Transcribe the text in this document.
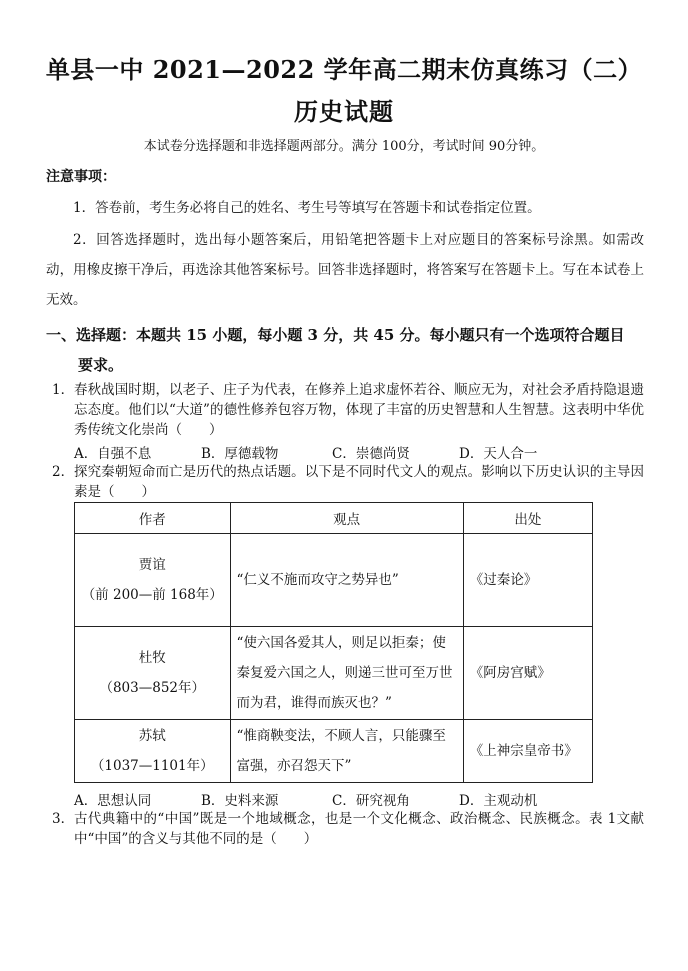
单县一中 2021—2022 学年高二期末仿真练习（二）
历史试题
本试卷分选择题和非选择题两部分。满分 100分，考试时间 90分钟。
注意事项：
1．答卷前，考生务必将自己的姓名、考生号等填写在答题卡和试卷指定位置。
2．回答选择题时，选出每小题答案后，用铅笔把答题卡上对应题目的答案标号涂黑。如需改动，用橡皮擦干净后，再选涂其他答案标号。回答非选择题时，将答案写在答题卡上。写在本试卷上无效。
一、选择题：本题共 15 小题，每小题 3 分，共 45 分。每小题只有一个选项符合题目
要求。
1． 春秋战国时期，以老子、庄子为代表，在修养上追求虚怀若谷、顺应无为，对社会矛盾持隐退遗忘态度。他们以“大道”的德性修养包容万物，体现了丰富的历史智慧和人生智慧。这表明中华优秀传统文化崇尚（　　）
A．自强不息	B．厚德载物	C．崇德尚贤	D．天人合一
2． 探究秦朝短命而亡是历代的热点话题。以下是不同时代文人的观点。影响以下历史认识的主导因素是（　　）
作者	观点	出处

贾谊
（前 200—前 168年）	“仁义不施而攻守之势异也”	《过秦论》

杜牧
（803—852年）	“使六国各爱其人，则足以拒秦；使秦复爱六国之人，则递三世可至万世而为君，谁得而族灭也？”	《阿房宫赋》

苏轼
（1037—1101年）	“惟商鞅变法，不顾人言，只能骤至富强，亦召怨天下”	《上神宗皇帝书》
A．思想认同	B．史料来源	C．研究视角	D．主观动机
3． 古代典籍中的“中国”既是一个地域概念，也是一个文化概念、政治概念、民族概念。表 1文献中“中国”的含义与其他不同的是（　　）
